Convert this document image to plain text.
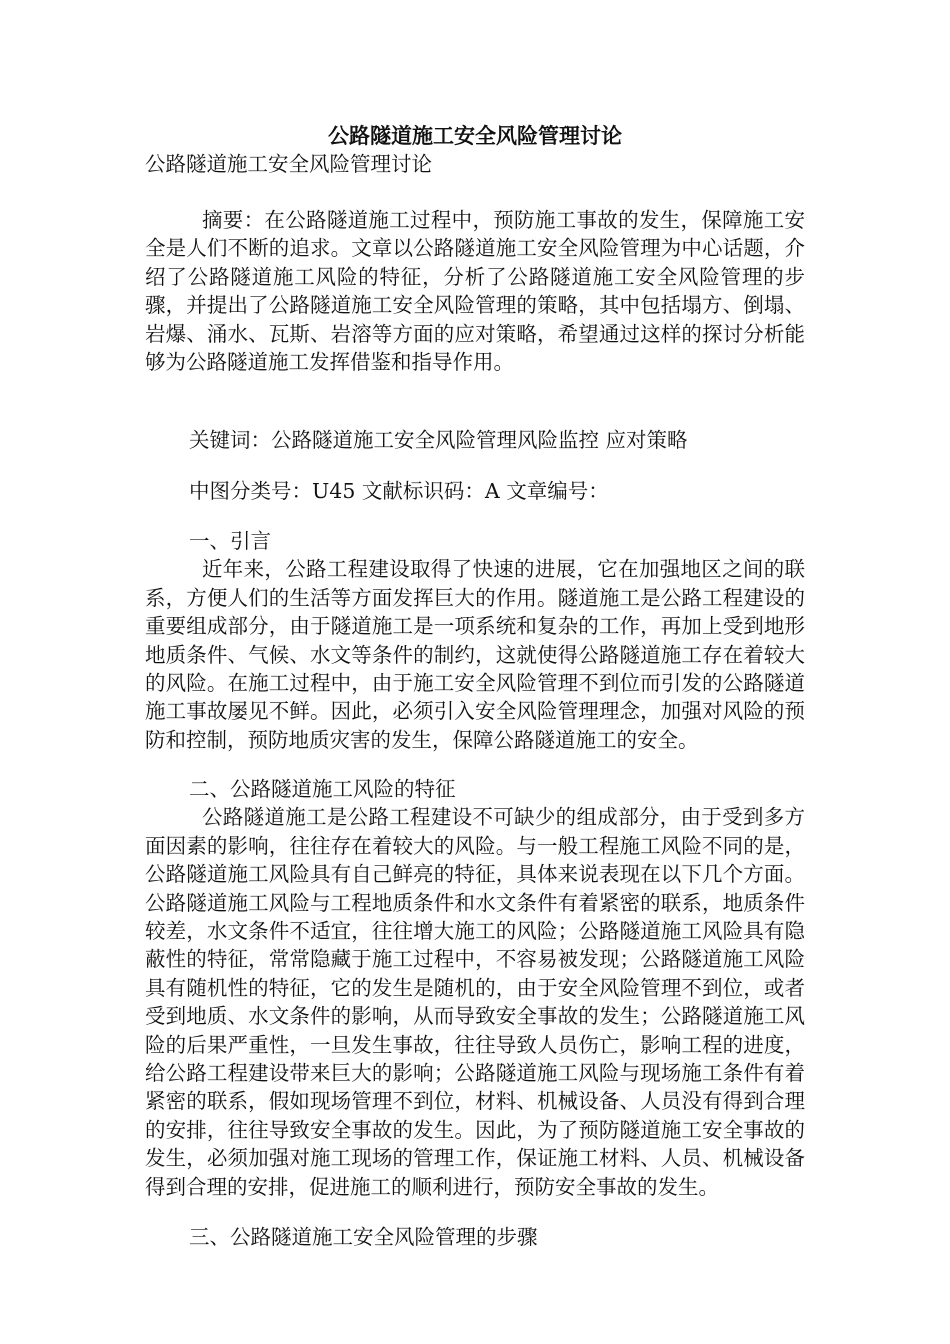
公路隧道施工安全风险管理讨论

公路隧道施工安全风险管理讨论

摘要：在公路隧道施工过程中，预防施工事故的发生，保障施工安全是人们不断的追求。文章以公路隧道施工安全风险管理为中心话题，介绍了公路隧道施工风险的特征，分析了公路隧道施工安全风险管理的步骤，并提出了公路隧道施工安全风险管理的策略，其中包括塌方、倒塌、岩爆、涌水、瓦斯、岩溶等方面的应对策略，希望通过这样的探讨分析能够为公路隧道施工发挥借鉴和指导作用。

关键词：公路隧道施工安全风险管理风险监控 应对策略

中图分类号：U45 文献标识码：A 文章编号：

一、引言

近年来，公路工程建设取得了快速的进展，它在加强地区之间的联系，方便人们的生活等方面发挥巨大的作用。隧道施工是公路工程建设的重要组成部分，由于隧道施工是一项系统和复杂的工作，再加上受到地形地质条件、气候、水文等条件的制约，这就使得公路隧道施工存在着较大的风险。在施工过程中，由于施工安全风险管理不到位而引发的公路隧道施工事故屡见不鲜。因此，必须引入安全风险管理理念，加强对风险的预防和控制，预防地质灾害的发生，保障公路隧道施工的安全。

二、公路隧道施工风险的特征

公路隧道施工是公路工程建设不可缺少的组成部分，由于受到多方面因素的影响，往往存在着较大的风险。与一般工程施工风险不同的是，公路隧道施工风险具有自己鲜亮的特征，具体来说表现在以下几个方面。公路隧道施工风险与工程地质条件和水文条件有着紧密的联系，地质条件较差，水文条件不适宜，往往增大施工的风险；公路隧道施工风险具有隐蔽性的特征，常常隐藏于施工过程中，不容易被发现；公路隧道施工风险具有随机性的特征，它的发生是随机的，由于安全风险管理不到位，或者受到地质、水文条件的影响，从而导致安全事故的发生；公路隧道施工风险的后果严重性，一旦发生事故，往往导致人员伤亡，影响工程的进度，给公路工程建设带来巨大的影响；公路隧道施工风险与现场施工条件有着紧密的联系，假如现场管理不到位，材料、机械设备、人员没有得到合理的安排，往往导致安全事故的发生。因此，为了预防隧道施工安全事故的发生，必须加强对施工现场的管理工作，保证施工材料、人员、机械设备得到合理的安排，促进施工的顺利进行，预防安全事故的发生。

三、公路隧道施工安全风险管理的步骤
